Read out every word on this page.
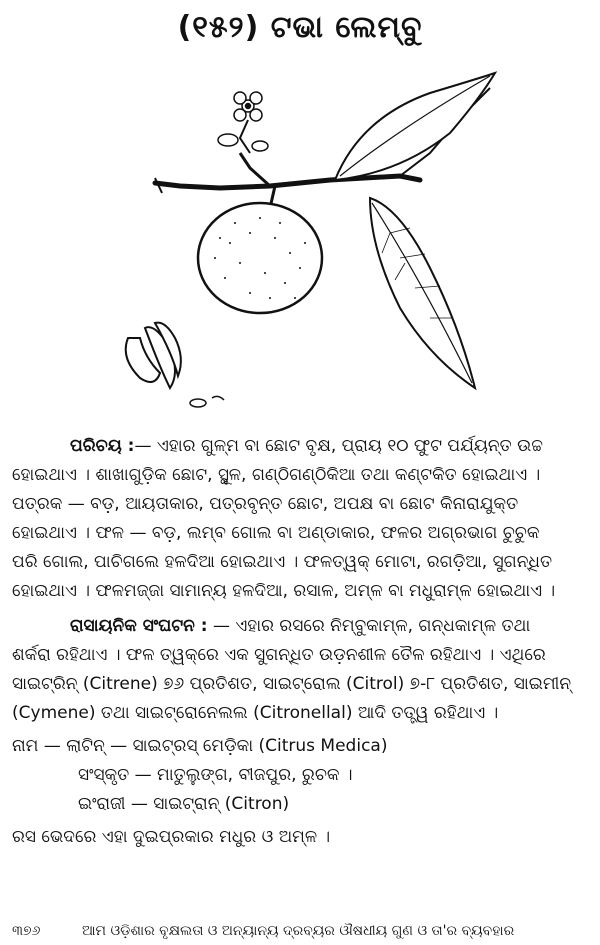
(୧୫୨) ଟଭା ଲେମ୍ବୁ

ପରିଚୟ :— ଏହାର ଗୁଳ୍ମ ବା ଛୋଟ ବୃକ୍ଷ, ପ୍ରାୟ ୧୦ ଫୁଟ ପର୍ଯ୍ୟନ୍ତ ଉଚ୍ଚ

ହୋଇଥାଏ । ଶାଖାଗୁଡ଼ିକ ଛୋଟ, ସ୍ଥୂଳ, ଗଣ୍ଠିଗଣ୍ଠିକିଆ ତଥା କଣ୍ଟକିତ ହୋଇଥାଏ ।

ପତ୍ରକ — ବଡ଼, ଆୟତାକାର, ପତ୍ରବୃନ୍ତ ଛୋଟ, ଅପକ୍ଷ ବା ଛୋଟ କିନାରାଯୁକ୍ତ

ହୋଇଥାଏ । ଫଳ — ବଡ଼, ଲମ୍ବ ଗୋଲ ବା ଅଣ୍ଡାକାର, ଫଳର ଅଗ୍ରଭାଗ ଚୁଚୁକ

ପରି ଗୋଲ, ପାଚିଗଲେ ହଳଦିଆ ହୋଇଥାଏ । ଫଳତ୍ୱକ୍ ମୋଟା, ରଗଡ଼ିଆ, ସୁଗନ୍ଧିତ

ହୋଇଥାଏ । ଫଳମଜ୍ଜା ସାମାନ୍ୟ ହଳଦିଆ, ରସାଳ, ଅମ୍ଳ ବା ମଧୁରାମ୍ଳ ହୋଇଥାଏ ।

ରାସାୟନିକ ସଂଘଟନ : — ଏହାର ରସରେ ନିମ୍ବୁକାମ୍ଳ, ଗନ୍ଧକାମ୍ଳ ତଥା

ଶର୍କରା ରହିଥାଏ । ଫଳ ତ୍ୱକ୍‌ରେ ଏକ ସୁଗନ୍ଧିତ ଉଡ଼ନଶୀଳ ତୈଳ ରହିଥାଏ । ଏଥିରେ

ସାଇଟ୍ରିନ୍ (Citrene) ୭୬ ପ୍ରତିଶତ, ସାଇଟ୍ରୋଲ (Citrol) ୭-୮ ପ୍ରତିଶତ, ସାଇମୀନ୍

(Cymene) ତଥା ସାଇଟ୍ରୋନେଲଲ (Citronellal) ଆଦି ତତ୍ତ୍ୱ ରହିଥାଏ ।

ନାମ — ଲାଟିନ୍ — ସାଇଟ୍ରସ୍ ମେଡ଼ିକା (Citrus Medica)

ସଂସ୍କୃତ — ମାତୁଲୁଙ୍ଗ, ବୀଜପୁର, ରୁଚକ ।

ଇଂରାଜୀ — ସାଇଟ୍ରାନ୍ (Citron)

ରସ ଭେଦରେ ଏହା ଦୁଇପ୍ରକାର ମଧୁର ଓ ଅମ୍ଳ ।

୩୭୬	ଆମ ଓଡ଼ିଶାର ବୃକ୍ଷଲତା ଓ ଅନ୍ୟାନ୍ୟ ଦ୍ରବ୍ୟର ଔଷଧୀୟ ଗୁଣ ଓ ତା'ର ବ୍ୟବହାର
